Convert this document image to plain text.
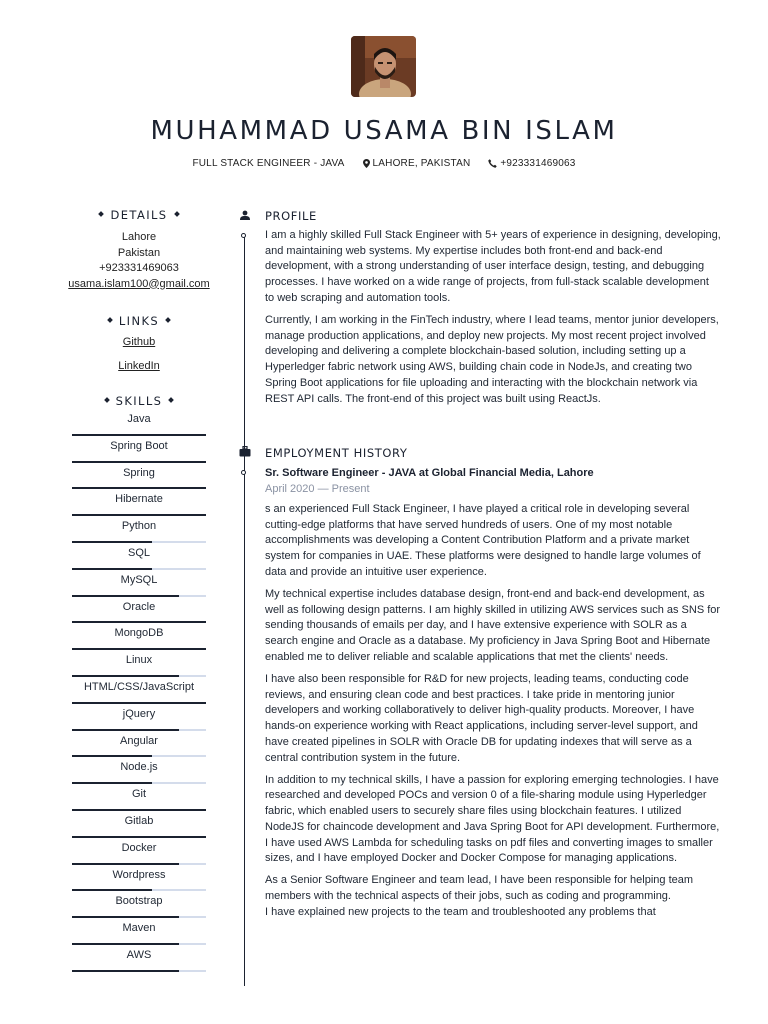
MUHAMMAD USAMA BIN ISLAM
FULL STACK ENGINEER - JAVA	LAHORE, PAKISTAN	+923331469063
DETAILS
Lahore
Pakistan
+923331469063
usama.islam100@gmail.com
LINKS
Github
LinkedIn
SKILLS
Java
Spring Boot
Spring
Hibernate
Python
SQL
MySQL
Oracle
MongoDB
Linux
HTML/CSS/JavaScript
jQuery
Angular
Node.js
Git
Gitlab
Docker
Wordpress
Bootstrap
Maven
AWS
PROFILE

I am a highly skilled Full Stack Engineer with 5+ years of experience in designing, developing, and maintaining web systems. My expertise includes both front-end and back-end development, with a strong understanding of user interface design, testing, and debugging processes. I have worked on a wide range of projects, from full-stack scalable development to web scraping and automation tools.

Currently, I am working in the FinTech industry, where I lead teams, mentor junior developers, manage production applications, and deploy new projects. My most recent project involved developing and delivering a complete blockchain-based solution, including setting up a Hyperledger fabric network using AWS, building chain code in NodeJs, and creating two Spring Boot applications for file uploading and interacting with the blockchain network via REST API calls. The front-end of this project was built using ReactJs.

EMPLOYMENT HISTORY
Sr. Software Engineer - JAVA at Global Financial Media, Lahore
April 2020 — Present

s an experienced Full Stack Engineer, I have played a critical role in developing several cutting-edge platforms that have served hundreds of users. One of my most notable accomplishments was developing a Content Contribution Platform and a private market system for companies in UAE. These platforms were designed to handle large volumes of data and provide an intuitive user experience.

My technical expertise includes database design, front-end and back-end development, as well as following design patterns. I am highly skilled in utilizing AWS services such as SNS for sending thousands of emails per day, and I have extensive experience with SOLR as a search engine and Oracle as a database. My proficiency in Java Spring Boot and Hibernate enabled me to deliver reliable and scalable applications that met the clients' needs.

I have also been responsible for R&D for new projects, leading teams, conducting code reviews, and ensuring clean code and best practices. I take pride in mentoring junior developers and working collaboratively to deliver high-quality products. Moreover, I have hands-on experience working with React applications, including server-level support, and have created pipelines in SOLR with Oracle DB for updating indexes that will serve as a central contribution system in the future.

In addition to my technical skills, I have a passion for exploring emerging technologies. I have researched and developed POCs and version 0 of a file-sharing module using Hyperledger fabric, which enabled users to securely share files using blockchain features. I utilized NodeJS for chaincode development and Java Spring Boot for API development. Furthermore, I have used AWS Lambda for scheduling tasks on pdf files and converting images to smaller sizes, and I have employed Docker and Docker Compose for managing applications.

As a Senior Software Engineer and team lead, I have been responsible for helping team members with the technical aspects of their jobs, such as coding and programming.

I have explained new projects to the team and troubleshooted any problems that
